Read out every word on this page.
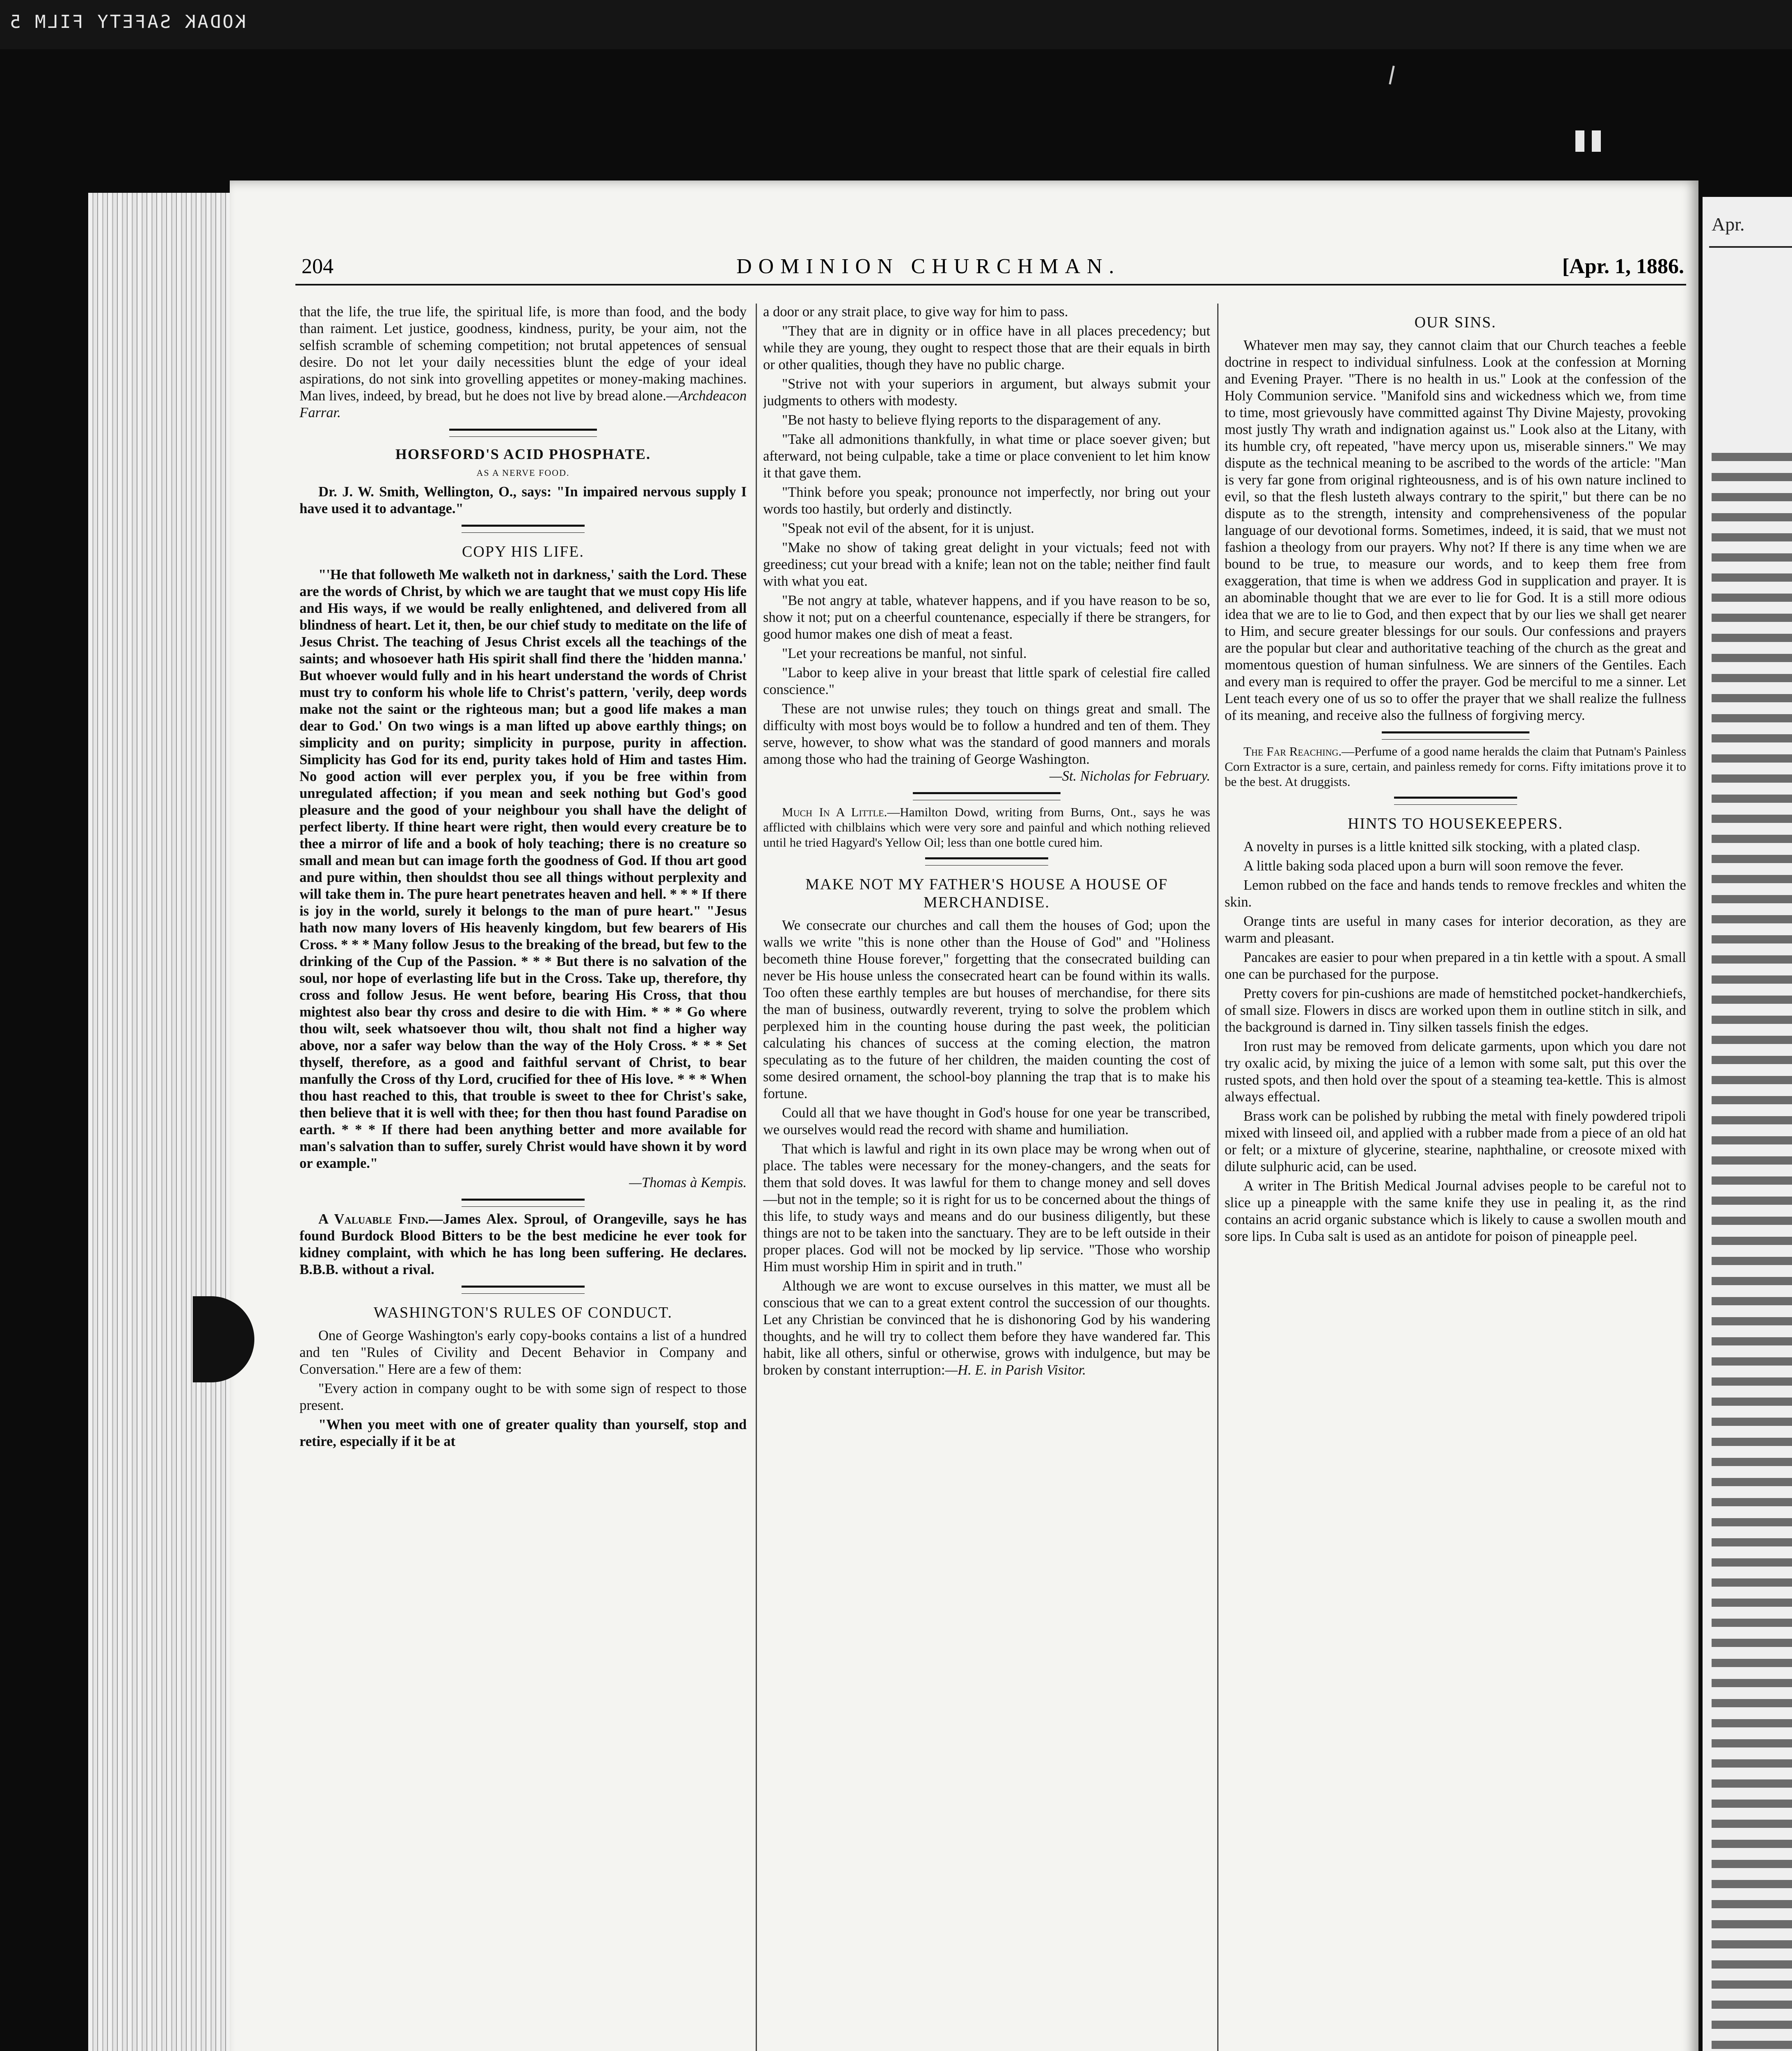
KODAK SAFETY FILM 5
Apr.
204	DOMINION CHURCHMAN.	[Apr. 1, 1886.

that the life, the true life, the spiritual life, is more than food, and the body than raiment. Let justice, goodness, kindness, purity, be your aim, not the selfish scramble of scheming competition; not brutal appetences of sensual desire. Do not let your daily necessities blunt the edge of your ideal aspirations, do not sink into grovelling appetites or money-making machines. Man lives, indeed, by bread, but he does not live by bread alone.—Archdeacon Farrar.

HORSFORD'S ACID PHOSPHATE.
AS A NERVE FOOD.

Dr. J. W. Smith, Wellington, O., says: "In impaired nervous supply I have used it to advantage."

COPY HIS LIFE.

"'He that followeth Me walketh not in darkness,' saith the Lord. These are the words of Christ, by which we are taught that we must copy His life and His ways, if we would be really enlightened, and delivered from all blindness of heart. Let it, then, be our chief study to meditate on the life of Jesus Christ. The teaching of Jesus Christ excels all the teachings of the saints; and whosoever hath His spirit shall find there the 'hidden manna.' But whoever would fully and in his heart understand the words of Christ must try to conform his whole life to Christ's pattern, 'verily, deep words make not the saint or the righteous man; but a good life makes a man dear to God.' On two wings is a man lifted up above earthly things; on simplicity and on purity; simplicity in purpose, purity in affection. Simplicity has God for its end, purity takes hold of Him and tastes Him. No good action will ever perplex you, if you be free within from unregulated affection; if you mean and seek nothing but God's good pleasure and the good of your neighbour you shall have the delight of perfect liberty. If thine heart were right, then would every creature be to thee a mirror of life and a book of holy teaching; there is no creature so small and mean but can image forth the goodness of God. If thou art good and pure within, then shouldst thou see all things without perplexity and will take them in. The pure heart penetrates heaven and hell. * * * If there is joy in the world, surely it belongs to the man of pure heart." "Jesus hath now many lovers of His heavenly kingdom, but few bearers of His Cross. * * * Many follow Jesus to the breaking of the bread, but few to the drinking of the Cup of the Passion. * * * But there is no salvation of the soul, nor hope of everlasting life but in the Cross. Take up, therefore, thy cross and follow Jesus. He went before, bearing His Cross, that thou mightest also bear thy cross and desire to die with Him. * * * Go where thou wilt, seek whatsoever thou wilt, thou shalt not find a higher way above, nor a safer way below than the way of the Holy Cross. * * * Set thyself, therefore, as a good and faithful servant of Christ, to bear manfully the Cross of thy Lord, crucified for thee of His love. * * * When thou hast reached to this, that trouble is sweet to thee for Christ's sake, then believe that it is well with thee; for then thou hast found Paradise on earth. * * * If there had been anything better and more available for man's salvation than to suffer, surely Christ would have shown it by word or example."

—Thomas à Kempis.

A Valuable Find.—James Alex. Sproul, of Orangeville, says he has found Burdock Blood Bitters to be the best medicine he ever took for kidney complaint, with which he has long been suffering. He declares. B.B.B. without a rival.

WASHINGTON'S RULES OF CONDUCT.

One of George Washington's early copy-books contains a list of a hundred and ten "Rules of Civility and Decent Behavior in Company and Conversation." Here are a few of them:

"Every action in company ought to be with some sign of respect to those present.

"When you meet with one of greater quality than yourself, stop and retire, especially if it be at

a door or any strait place, to give way for him to pass.

"They that are in dignity or in office have in all places precedency; but while they are young, they ought to respect those that are their equals in birth or other qualities, though they have no public charge.

"Strive not with your superiors in argument, but always submit your judgments to others with modesty.

"Be not hasty to believe flying reports to the disparagement of any.

"Take all admonitions thankfully, in what time or place soever given; but afterward, not being culpable, take a time or place convenient to let him know it that gave them.

"Think before you speak; pronounce not imperfectly, nor bring out your words too hastily, but orderly and distinctly.

"Speak not evil of the absent, for it is unjust.

"Make no show of taking great delight in your victuals; feed not with greediness; cut your bread with a knife; lean not on the table; neither find fault with what you eat.

"Be not angry at table, whatever happens, and if you have reason to be so, show it not; put on a cheerful countenance, especially if there be strangers, for good humor makes one dish of meat a feast.

"Let your recreations be manful, not sinful.

"Labor to keep alive in your breast that little spark of celestial fire called conscience."

These are not unwise rules; they touch on things great and small. The difficulty with most boys would be to follow a hundred and ten of them. They serve, however, to show what was the standard of good manners and morals among those who had the training of George Washington.
—St. Nicholas for February.

Much In A Little.—Hamilton Dowd, writing from Burns, Ont., says he was afflicted with chilblains which were very sore and painful and which nothing relieved until he tried Hagyard's Yellow Oil; less than one bottle cured him.

MAKE NOT MY FATHER'S HOUSE A HOUSE OF MERCHANDISE.

We consecrate our churches and call them the houses of God; upon the walls we write "this is none other than the House of God" and "Holiness becometh thine House forever," forgetting that the consecrated building can never be His house unless the consecrated heart can be found within its walls. Too often these earthly temples are but houses of merchandise, for there sits the man of business, outwardly reverent, trying to solve the problem which perplexed him in the counting house during the past week, the politician calculating his chances of success at the coming election, the matron speculating as to the future of her children, the maiden counting the cost of some desired ornament, the school-boy planning the trap that is to make his fortune.

Could all that we have thought in God's house for one year be transcribed, we ourselves would read the record with shame and humiliation.

That which is lawful and right in its own place may be wrong when out of place. The tables were necessary for the money-changers, and the seats for them that sold doves. It was lawful for them to change money and sell doves—but not in the temple; so it is right for us to be concerned about the things of this life, to study ways and means and do our business diligently, but these things are not to be taken into the sanctuary. They are to be left outside in their proper places. God will not be mocked by lip service. "Those who worship Him must worship Him in spirit and in truth."

Although we are wont to excuse ourselves in this matter, we must all be conscious that we can to a great extent control the succession of our thoughts. Let any Christian be convinced that he is dishonoring God by his wandering thoughts, and he will try to collect them before they have wandered far. This habit, like all others, sinful or otherwise, grows with indulgence, but may be broken by constant interruption:—H. E. in Parish Visitor.

OUR SINS.

Whatever men may say, they cannot claim that our Church teaches a feeble doctrine in respect to individual sinfulness. Look at the confession at Morning and Evening Prayer. "There is no health in us." Look at the confession of the Holy Communion service. "Manifold sins and wickedness which we, from time to time, most grievously have committed against Thy Divine Majesty, provoking most justly Thy wrath and indignation against us." Look also at the Litany, with its humble cry, oft repeated, "have mercy upon us, miserable sinners." We may dispute as the technical meaning to be ascribed to the words of the article: "Man is very far gone from original righteousness, and is of his own nature inclined to evil, so that the flesh lusteth always contrary to the spirit," but there can be no dispute as to the strength, intensity and comprehensiveness of the popular language of our devotional forms. Sometimes, indeed, it is said, that we must not fashion a theology from our prayers. Why not? If there is any time when we are bound to be true, to measure our words, and to keep them free from exaggeration, that time is when we address God in supplication and prayer. It is an abominable thought that we are ever to lie for God. It is a still more odious idea that we are to lie to God, and then expect that by our lies we shall get nearer to Him, and secure greater blessings for our souls. Our confessions and prayers are the popular but clear and authoritative teaching of the church as the great and momentous question of human sinfulness. We are sinners of the Gentiles. Each and every man is required to offer the prayer. God be merciful to me a sinner. Let Lent teach every one of us so to offer the prayer that we shall realize the fullness of its meaning, and receive also the fullness of forgiving mercy.

The Far Reaching.—Perfume of a good name heralds the claim that Putnam's Painless Corn Extractor is a sure, certain, and painless remedy for corns. Fifty imitations prove it to be the best. At druggists.

HINTS TO HOUSEKEEPERS.

A novelty in purses is a little knitted silk stocking, with a plated clasp.

A little baking soda placed upon a burn will soon remove the fever.

Lemon rubbed on the face and hands tends to remove freckles and whiten the skin.

Orange tints are useful in many cases for interior decoration, as they are warm and pleasant.

Pancakes are easier to pour when prepared in a tin kettle with a spout. A small one can be purchased for the purpose.

Pretty covers for pin-cushions are made of hemstitched pocket-handkerchiefs, of small size. Flowers in discs are worked upon them in outline stitch in silk, and the background is darned in. Tiny silken tassels finish the edges.

Iron rust may be removed from delicate garments, upon which you dare not try oxalic acid, by mixing the juice of a lemon with some salt, put this over the rusted spots, and then hold over the spout of a steaming tea-kettle. This is almost always effectual.

Brass work can be polished by rubbing the metal with finely powdered tripoli mixed with linseed oil, and applied with a rubber made from a piece of an old hat or felt; or a mixture of glycerine, stearine, naphthaline, or creosote mixed with dilute sulphuric acid, can be used.

A writer in The British Medical Journal advises people to be careful not to slice up a pineapple with the same knife they use in pealing it, as the rind contains an acrid organic substance which is likely to cause a swollen mouth and sore lips. In Cuba salt is used as an antidote for poison of pineapple peel.
